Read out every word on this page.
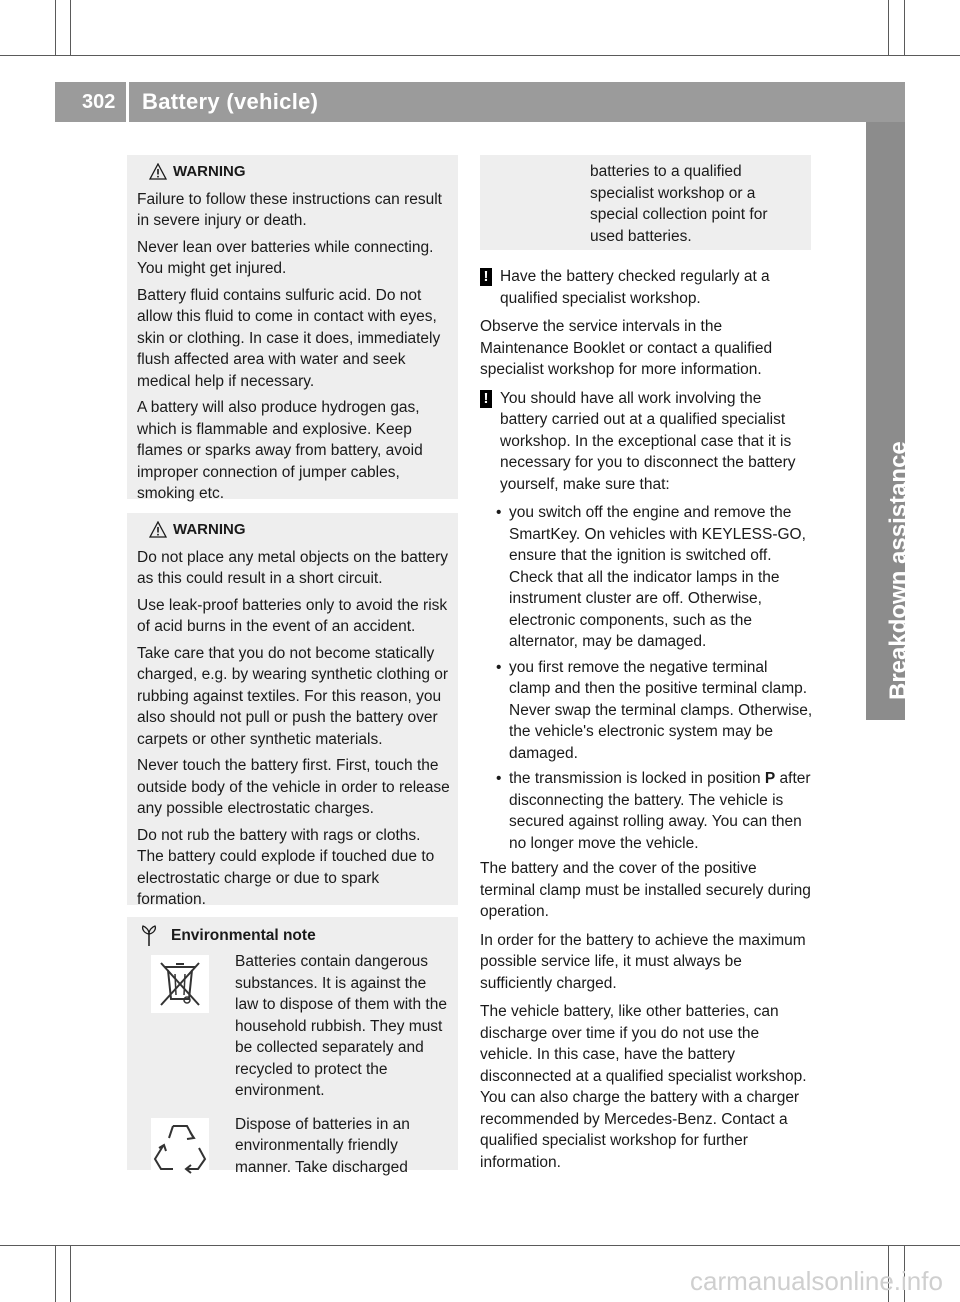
302 Battery (vehicle)
Breakdown assistance
WARNING

Failure to follow these instructions can result in severe injury or death.

Never lean over batteries while connecting. You might get injured.

Battery fluid contains sulfuric acid. Do not allow this fluid to come in contact with eyes, skin or clothing. In case it does, immediately flush affected area with water and seek medical help if necessary.

A battery will also produce hydrogen gas, which is flammable and explosive. Keep flames or sparks away from battery, avoid improper connection of jumper cables, smoking etc.

WARNING

Do not place any metal objects on the battery as this could result in a short circuit.

Use leak-proof batteries only to avoid the risk of acid burns in the event of an accident.

Take care that you do not become statically charged, e.g. by wearing synthetic clothing or rubbing against textiles. For this reason, you also should not pull or push the battery over carpets or other synthetic materials.

Never touch the battery first. First, touch the outside body of the vehicle in order to release any possible electrostatic charges.

Do not rub the battery with rags or cloths. The battery could explode if touched due to electrostatic charge or due to spark formation.

Environmental note
Batteries contain dangerous substances. It is against the law to dispose of them with the household rubbish. They must be collected separately and recycled to protect the environment.
Dispose of batteries in an environmentally friendly manner. Take discharged
batteries to a qualified specialist workshop or a special collection point for used batteries.
! Have the battery checked regularly at a qualified specialist workshop.

Observe the service intervals in the Maintenance Booklet or contact a qualified specialist workshop for more information.

! You should have all work involving the battery carried out at a qualified specialist workshop. In the exceptional case that it is necessary for you to disconnect the battery yourself, make sure that:
• you switch off the engine and remove the SmartKey. On vehicles with KEYLESS-GO, ensure that the ignition is switched off. Check that all the indicator lamps in the instrument cluster are off. Otherwise, electronic components, such as the alternator, may be damaged.
• you first remove the negative terminal clamp and then the positive terminal clamp. Never swap the terminal clamps. Otherwise, the vehicle's electronic system may be damaged.
• the transmission is locked in position P after disconnecting the battery. The vehicle is secured against rolling away. You can then no longer move the vehicle.

The battery and the cover of the positive terminal clamp must be installed securely during operation.

In order for the battery to achieve the maximum possible service life, it must always be sufficiently charged.

The vehicle battery, like other batteries, can discharge over time if you do not use the vehicle. In this case, have the battery disconnected at a qualified specialist workshop. You can also charge the battery with a charger recommended by Mercedes-Benz. Contact a qualified specialist workshop for further information.

carmanualsonline.info
